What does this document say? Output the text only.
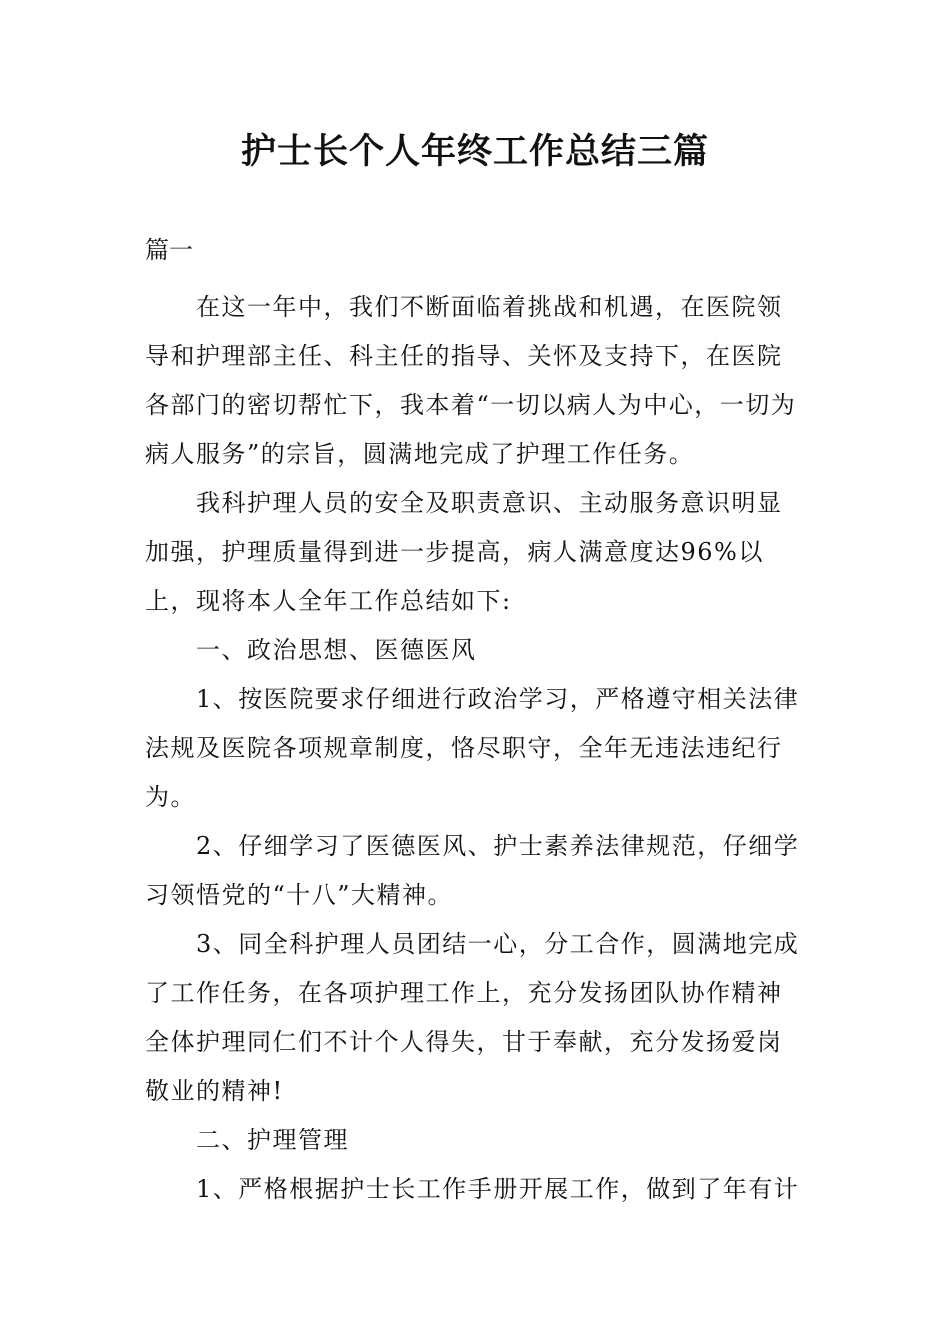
护士长个人年终工作总结三篇
篇一

在这一年中，我们不断面临着挑战和机遇，在医院领导和护理部主任、科主任的指导、关怀及支持下，在医院各部门的密切帮忙下，我本着“一切以病人为中心，一切为病人服务”的宗旨，圆满地完成了护理工作任务。

我科护理人员的安全及职责意识、主动服务意识明显加强，护理质量得到进一步提高，病人满意度达96%以上，现将本人全年工作总结如下:

一、政治思想、医德医风

1、按医院要求仔细进行政治学习，严格遵守相关法律法规及医院各项规章制度，恪尽职守，全年无违法违纪行为。

2、仔细学习了医德医风、护士素养法律规范，仔细学习领悟党的“十八”大精神。

3、同全科护理人员团结一心，分工合作，圆满地完成了工作任务，在各项护理工作上，充分发扬团队协作精神全体护理同仁们不计个人得失，甘于奉献，充分发扬爱岗敬业的精神!

二、护理管理

1、严格根据护士长工作手册开展工作，做到了年有计
